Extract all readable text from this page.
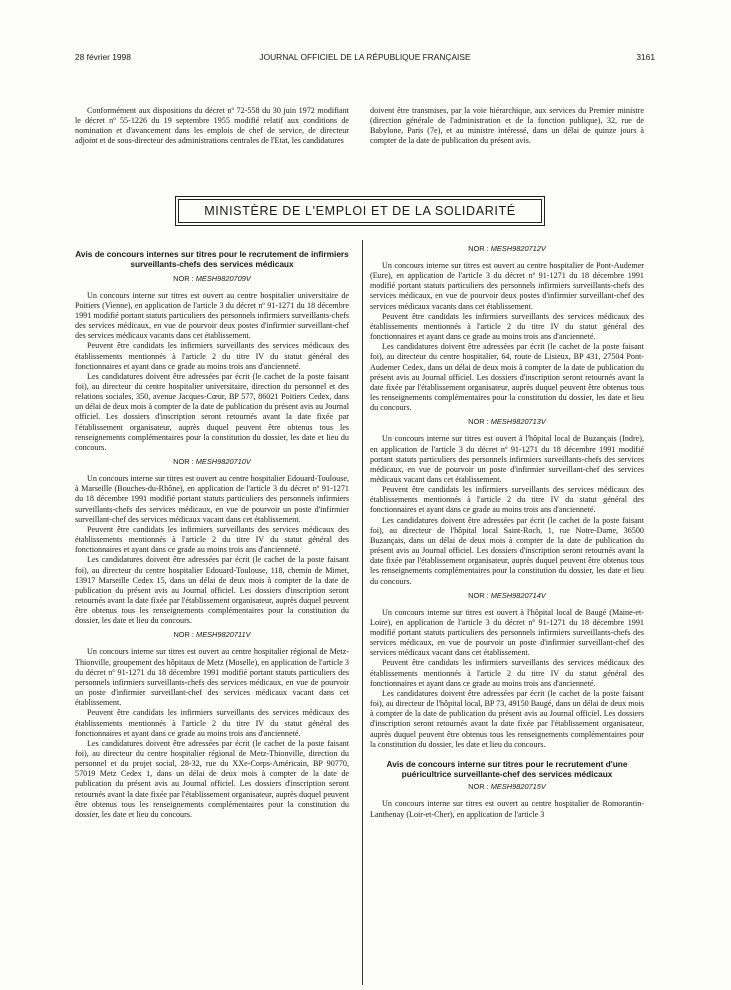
28 février 1998	JOURNAL OFFICIEL DE LA RÉPUBLIQUE FRANÇAISE	3161

Conformément aux dispositions du décret nº 72-558 du 30 juin 1972 modifiant le décret nº 55-1226 du 19 septembre 1955 modifié relatif aux conditions de nomination et d'avancement dans les emplois de chef de service, de directeur adjoint et de sous-directeur des administrations centrales de l'Etat, les candidatures

doivent être transmises, par la voie hiérarchique, aux services du Premier ministre (direction générale de l'administration et de la fonction publique), 32, rue de Babylone, Paris (7e), et au ministre intéressé, dans un délai de quinze jours à compter de la date de publication du présent avis.

MINISTÈRE DE L'EMPLOI ET DE LA SOLIDARITÉ
Avis de concours internes sur titres pour le recrutement de infirmiers surveillants-chefs des services médicaux
NOR : MESH9820709V

Un concours interne sur titres est ouvert au centre hospitalier universitaire de Poitiers (Vienne), en application de l'article 3 du décret nº 91-1271 du 18 décembre 1991 modifié portant statuts particuliers des personnels infirmiers surveillants-chefs des services médicaux, en vue de pourvoir deux postes d'infirmier surveillant-chef des services médicaux vacants dans cet établissement.

Peuvent être candidats les infirmiers surveillants des services médicaux des établissements mentionnés à l'article 2 du titre IV du statut général des fonctionnaires et ayant dans ce grade au moins trois ans d'ancienneté.

Les candidatures doivent être adressées par écrit (le cachet de la poste faisant foi), au directeur du centre hospitalier universitaire, direction du personnel et des relations sociales, 350, avenue Jacques-Cœur, BP 577, 86021 Poitiers Cedex, dans un délai de deux mois à compter de la date de publication du présent avis au Journal officiel. Les dossiers d'inscription seront retournés avant la date fixée par l'établissement organisateur, auprès duquel peuvent être obtenus tous les renseignements complémentaires pour la constitution du dossier, les date et lieu du concours.

NOR : MESH9820710V

Un concours interne sur titres est ouvert au centre hospitalier Edouard-Toulouse, à Marseille (Bouches-du-Rhône), en application de l'article 3 du décret nº 91-1271 du 18 décembre 1991 modifié portant statuts particuliers des personnels infirmiers surveillants-chefs des services médicaux, en vue de pourvoir un poste d'infirmier surveillant-chef des services médicaux vacant dans cet établissement.

Peuvent être candidats les infirmiers surveillants des services médicaux des établissements mentionnés à l'article 2 du titre IV du statut général des fonctionnaires et ayant dans ce grade au moins trois ans d'ancienneté.

Les candidatures doivent être adressées par écrit (le cachet de la poste faisant foi), au directeur du centre hospitalier Edouard-Toulouse, 118, chemin de Mimet, 13917 Marseille Cedex 15, dans un délai de deux mois à compter de la date de publication du présent avis au Journal officiel. Les dossiers d'inscription seront retournés avant la date fixée par l'établissement organisateur, auprès duquel peuvent être obtenus tous les renseignements complémentaires pour la constitution du dossier, les date et lieu du concours.

NOR : MESH9820711V

Un concours interne sur titres est ouvert au centre hospitalier régional de Metz-Thionville, groupement des hôpitaux de Metz (Moselle), en application de l'article 3 du décret nº 91-1271 du 18 décembre 1991 modifié portant statuts particuliers des personnels infirmiers surveillants-chefs des services médicaux, en vue de pourvoir un poste d'infirmier surveillant-chef des services médicaux vacant dans cet établissement.

Peuvent être candidats les infirmiers surveillants des services médicaux des établissements mentionnés à l'article 2 du titre IV du statut général des fonctionnaires et ayant dans ce grade au moins trois ans d'ancienneté.

Les candidatures doivent être adressées par écrit (le cachet de la poste faisant foi), au directeur du centre hospitalier régional de Metz-Thionville, direction du personnel et du projet social, 28-32, rue du XXe-Corps-Américain, BP 90770, 57019 Metz Cedex 1, dans un délai de deux mois à compter de la date de publication du présent avis au Journal officiel. Les dossiers d'inscription seront retournés avant la date fixée par l'établissement organisateur, auprès duquel peuvent être obtenus tous les renseignements complémentaires pour la constitution du dossier, les date et lieu du concours.

NOR : MESH9820712V

Un concours interne sur titres est ouvert au centre hospitalier de Pont-Audemer (Eure), en application de l'article 3 du décret nº 91-1271 du 18 décembre 1991 modifié portant statuts particuliers des personnels infirmiers surveillants-chefs des services médicaux, en vue de pourvoir deux postes d'infirmier surveillant-chef des services médicaux vacants dans cet établissement.

Peuvent être candidats les infirmiers surveillants des services médicaux des établissements mentionnés à l'article 2 du titre IV du statut général des fonctionnaires et ayant dans ce grade au moins trois ans d'ancienneté.

Les candidatures doivent être adressées par écrit (le cachet de la poste faisant foi), au directeur du centre hospitalier, 64, route de Lisieux, BP 431, 27504 Pont-Audemer Cedex, dans un délai de deux mois à compter de la date de publication du présent avis au Journal officiel. Les dossiers d'inscription seront retournés avant la date fixée par l'établissement organisateur, auprès duquel peuvent être obtenus tous les renseignements complémentaires pour la constitution du dossier, les date et lieu du concours.

NOR : MESH9820713V

Un concours interne sur titres est ouvert à l'hôpital local de Buzançais (Indre), en application de l'article 3 du décret nº 91-1271 du 18 décembre 1991 modifié portant statuts particuliers des personnels infirmiers surveillants-chefs des services médicaux, en vue de pourvoir un poste d'infirmier surveillant-chef des services médicaux vacant dans cet établissement.

Peuvent être candidats les infirmiers surveillants des services médicaux des établissements mentionnés à l'article 2 du titre IV du statut général des fonctionnaires et ayant dans ce grade au moins trois ans d'ancienneté.

Les candidatures doivent être adressées par écrit (le cachet de la poste faisant foi), au directeur de l'hôpital local Saint-Roch, 1, rue Notre-Dame, 36500 Buzançais, dans un délai de deux mois à compter de la date de publication du présent avis au Journal officiel. Les dossiers d'inscription seront retournés avant la date fixée par l'établissement organisateur, auprès duquel peuvent être obtenus tous les renseignements complémentaires pour la constitution du dossier, les date et lieu du concours.

NOR : MESH9820714V

Un concours interne sur titres est ouvert à l'hôpital local de Baugé (Maine-et-Loire), en application de l'article 3 du décret nº 91-1271 du 18 décembre 1991 modifié portant statuts particuliers des personnels infirmiers surveillants-chefs des services médicaux, en vue de pourvoir un poste d'infirmier surveillant-chef des services médicaux vacant dans cet établissement.

Peuvent être candidats les infirmiers surveillants des services médicaux des établissements mentionnés à l'article 2 du titre IV du statut général des fonctionnaires et ayant dans ce grade au moins trois ans d'ancienneté.

Les candidatures doivent être adressées par écrit (le cachet de la poste faisant foi), au directeur de l'hôpital local, BP 73, 49150 Baugé, dans un délai de deux mois à compter de la date de publication du présent avis au Journal officiel. Les dossiers d'inscription seront retournés avant la date fixée par l'établissement organisateur, auprès duquel peuvent être obtenus tous les renseignements complémentaires pour la constitution du dossier, les date et lieu du concours.

Avis de concours interne sur titres pour le recrutement d'une puéricultrice surveillante-chef des services médicaux
NOR : MESH9820715V

Un concours interne sur titres est ouvert au centre hospitalier de Romorantin-Lanthenay (Loir-et-Cher), en application de l'article 3
